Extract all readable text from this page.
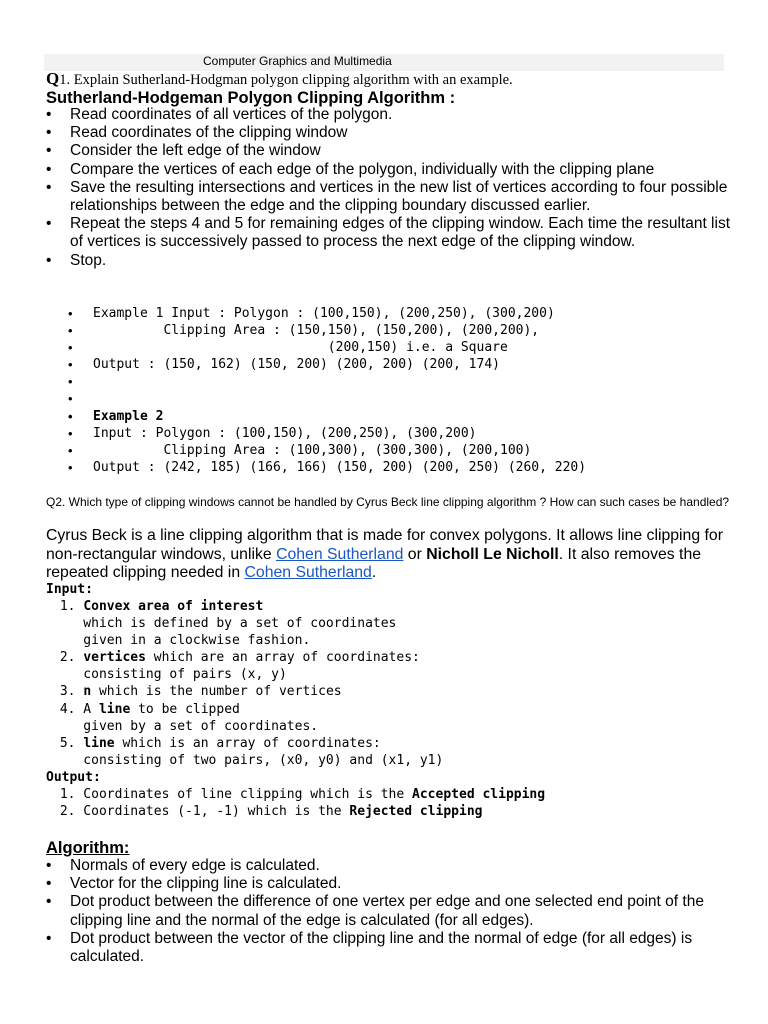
Computer Graphics and Multimedia
Q1. Explain Sutherland-Hodgman polygon clipping algorithm with an example.
Sutherland-Hodgeman Polygon Clipping Algorithm :
• Read coordinates of all vertices of the polygon.
• Read coordinates of the clipping window
• Consider the left edge of the window
• Compare the vertices of each edge of the polygon, individually with the clipping plane
• Save the resulting intersections and vertices in the new list of vertices according to four possible relationships between the edge and the clipping boundary discussed earlier.
• Repeat the steps 4 and 5 for remaining edges of the clipping window. Each time the resultant list of vertices is successively passed to process the next edge of the clipping window.
• Stop.
• Example 1 Input : Polygon : (100,150), (200,250), (300,200)
•          Clipping Area : (150,150), (150,200), (200,200),
•                               (200,150) i.e. a Square
• Output : (150, 162) (150, 200) (200, 200) (200, 174)
•
•
• Example 2
• Input : Polygon : (100,150), (200,250), (300,200)
•          Clipping Area : (100,300), (300,300), (200,100)
• Output : (242, 185) (166, 166) (150, 200) (200, 250) (260, 220)
Q2. Which type of clipping windows cannot be handled by Cyrus Beck line clipping algorithm ? How can such cases be handled?
Cyrus Beck is a line clipping algorithm that is made for convex polygons. It allows line clipping for non-rectangular windows, unlike Cohen Sutherland or Nicholl Le Nicholl. It also removes the repeated clipping needed in Cohen Sutherland.
Input:
1. Convex area of interest
which is defined by a set of coordinates
given in a clockwise fashion.
2. vertices which are an array of coordinates:
consisting of pairs (x, y)
3. n which is the number of vertices
4. A line to be clipped
given by a set of coordinates.
5. line which is an array of coordinates:
consisting of two pairs, (x0, y0) and (x1, y1)
Output:
1. Coordinates of line clipping which is the Accepted clipping
2. Coordinates (-1, -1) which is the Rejected clipping
Algorithm:
• Normals of every edge is calculated.
• Vector for the clipping line is calculated.
• Dot product between the difference of one vertex per edge and one selected end point of the clipping line and the normal of the edge is calculated (for all edges).
• Dot product between the vector of the clipping line and the normal of edge (for all edges) is calculated.
